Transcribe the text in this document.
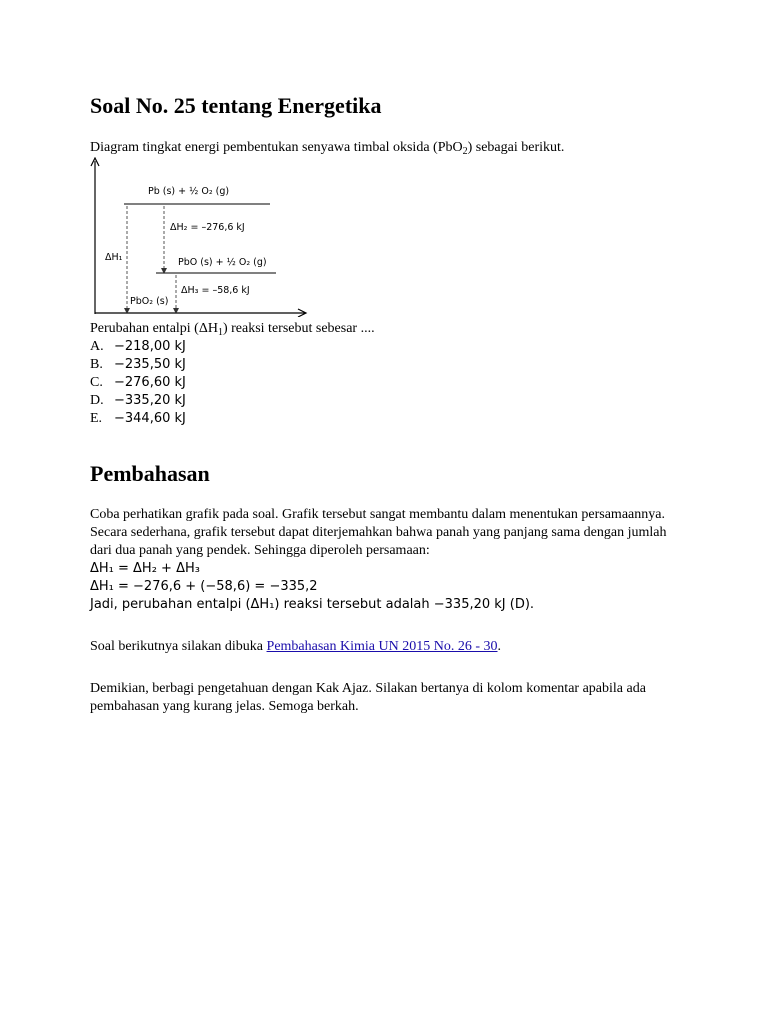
Soal No. 25 tentang Energetika

Diagram tingkat energi pembentukan senyawa timbal oksida (PbO$_2$) sebagai berikut.

Pb (s) + ½ O₂ (g)
PbO (s) + ½ O₂ (g)
PbO₂ (s)
ΔH₁
ΔH₂ = –276,6 kJ
ΔH₃ = –58,6 kJ

Perubahan entalpi $(\Delta H_1)$ reaksi tersebut sebesar ....

A. −218,00 kJ
B. −235,50 kJ
C. −276,60 kJ
D. −335,20 kJ
E. −344,60 kJ
Pembahasan

Coba perhatikan grafik pada soal. Grafik tersebut sangat membantu dalam menentukan persamaannya. Secara sederhana, grafik tersebut dapat diterjemahkan bahwa panah yang panjang sama dengan jumlah dari dua panah yang pendek. Sehingga diperoleh persamaan:

ΔH₁ = ΔH₂ + ΔH₃

ΔH₁ = −276,6 + (−58,6) = −335,2

Jadi, perubahan entalpi (ΔH₁) reaksi tersebut adalah −335,20 kJ (D).

Soal berikutnya silakan dibuka Pembahasan Kimia UN 2015 No. 26 - 30.

Demikian, berbagi pengetahuan dengan Kak Ajaz. Silakan bertanya di kolom komentar apabila ada pembahasan yang kurang jelas. Semoga berkah.
